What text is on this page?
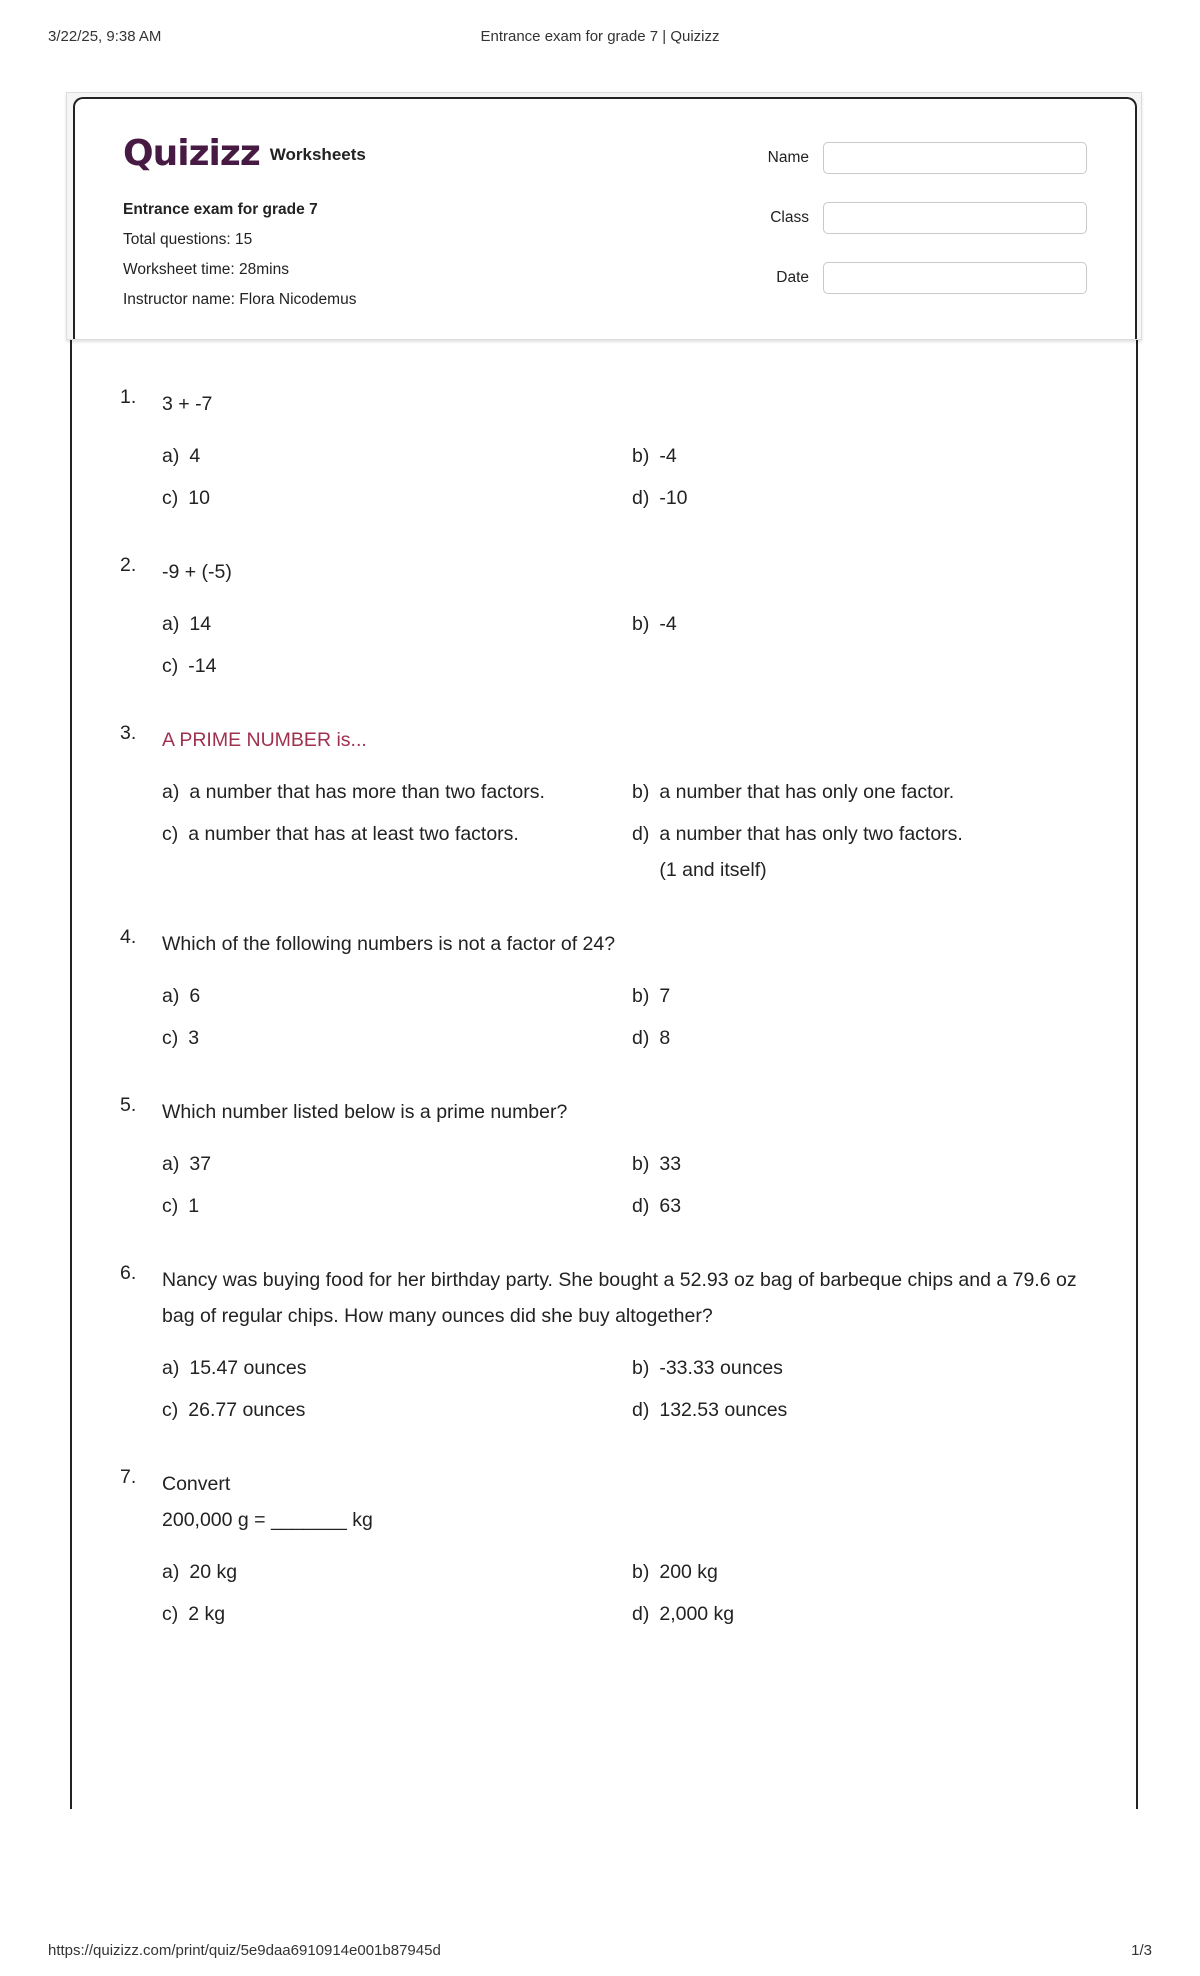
3/22/25, 9:38 AM	Entrance exam for grade 7 | Quizizz
Quizizz Worksheets
Entrance exam for grade 7
Total questions: 15
Worksheet time: 28mins
Instructor name: Flora Nicodemus
Name
Class
Date
1. 3 + -7
a) 4	b) -4
c) 10	d) -10
2. -9 + (-5)
a) 14	b) -4
c) -14
3. A PRIME NUMBER is...
a) a number that has more than two factors.	b) a number that has only one factor.
c) a number that has at least two factors.	d) a number that has only two factors.
(1 and itself)
4. Which of the following numbers is not a factor of 24?
a) 6	b) 7
c) 3	d) 8
5. Which number listed below is a prime number?
a) 37	b) 33
c) 1	d) 63
6. Nancy was buying food for her birthday party. She bought a 52.93 oz bag of barbeque chips and a 79.6 oz bag of regular chips. How many ounces did she buy altogether?
a) 15.47 ounces	b) -33.33 ounces
c) 26.77 ounces	d) 132.53 ounces
7. Convert
200,000 g = _______ kg
a) 20 kg	b) 200 kg
c) 2 kg	d) 2,000 kg
https://quizizz.com/print/quiz/5e9daa6910914e001b87945d	1/3
